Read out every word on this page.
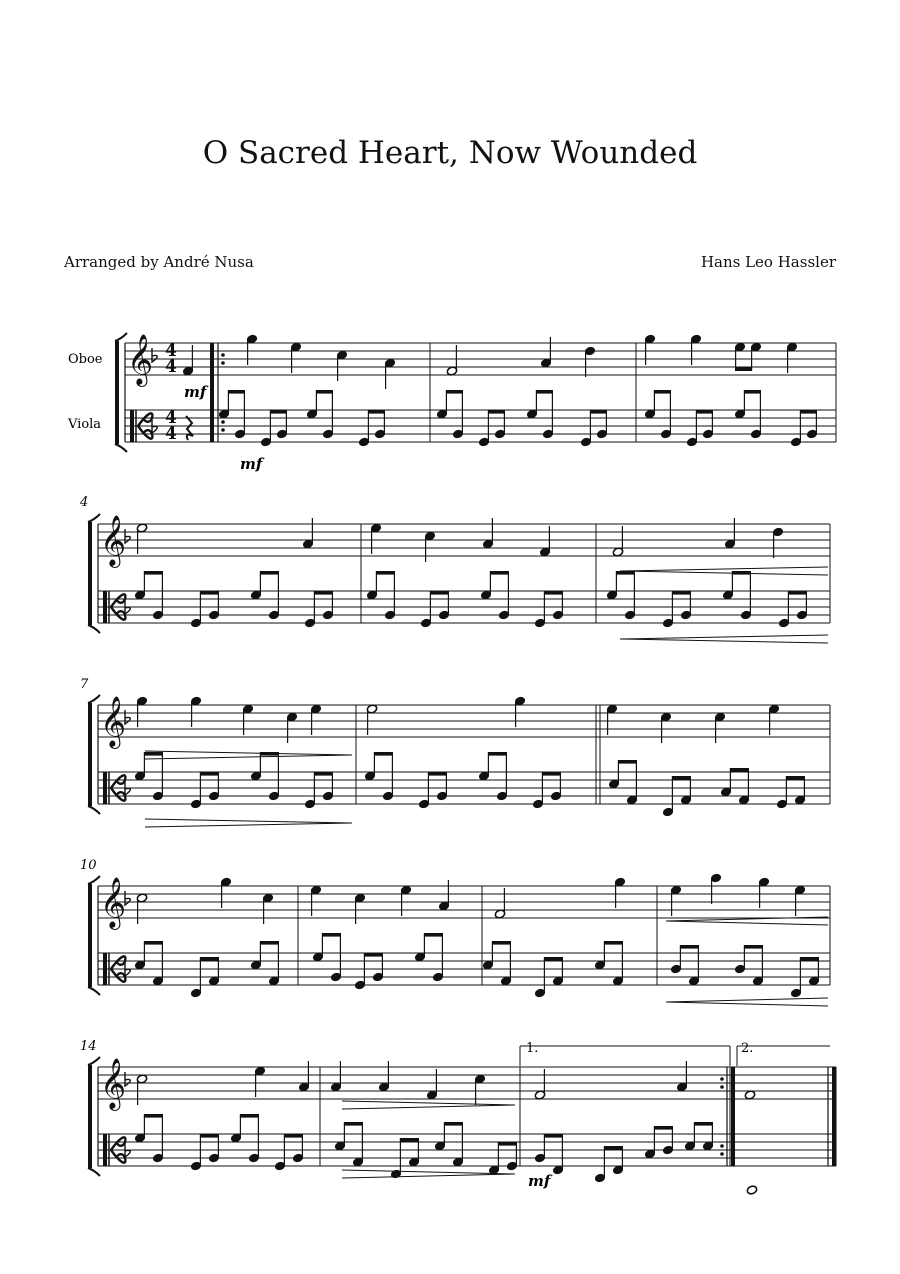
O Sacred Heart, Now Wounded
Arranged by André Nusa	Hans Leo Hassler
Oboe
Viola
4
7
10
14
mf
mf
mf
1.	2.
𝄞
𝄞
𝄞
𝄞
𝄞
4
4
4
4
